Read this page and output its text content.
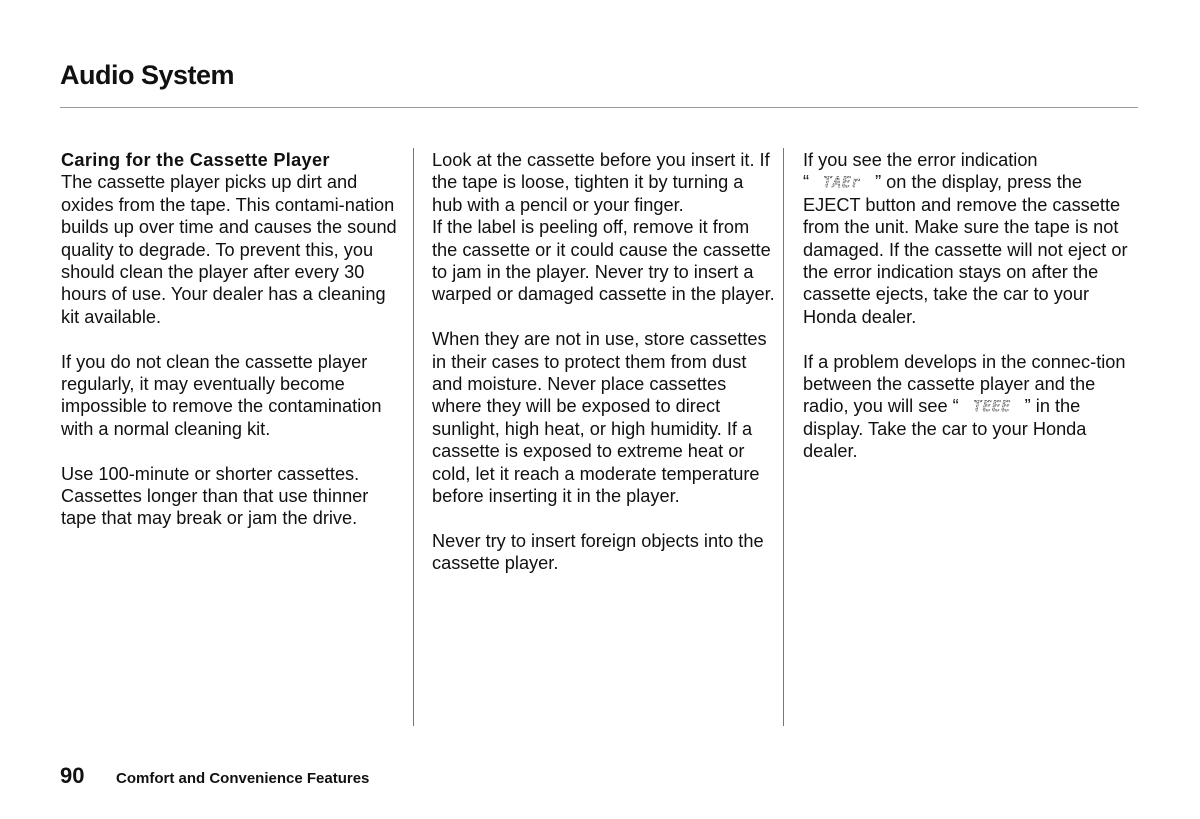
Audio System

Caring for the Cassette Player
The cassette player picks up dirt and oxides from the tape. This contami-nation builds up over time and causes the sound quality to degrade. To prevent this, you should clean the player after every 30 hours of use. Your dealer has a cleaning kit available.

If you do not clean the cassette player regularly, it may eventually become impossible to remove the contamination with a normal cleaning kit.

Use 100-minute or shorter cassettes. Cassettes longer than that use thinner tape that may break or jam the drive.

Look at the cassette before you insert it. If the tape is loose, tighten it by turning a hub with a pencil or your finger.
If the label is peeling off, remove it from the cassette or it could cause the cassette to jam in the player. Never try to insert a warped or damaged cassette in the player.

When they are not in use, store cassettes in their cases to protect them from dust and moisture. Never place cassettes where they will be exposed to direct sunlight, high heat, or high humidity. If a cassette is exposed to extreme heat or cold, let it reach a moderate temperature before inserting it in the player.

Never try to insert foreign objects into the cassette player.

If you see the error indication
“ TAEr ” on the display, press the EJECT button and remove the cassette from the unit. Make sure the tape is not damaged. If the cassette will not eject or the error indication stays on after the cassette ejects, take the car to your Honda dealer.

If a problem develops in the connec-tion between the cassette player and the radio, you will see “ TEEE ” in the display. Take the car to your Honda dealer.

90 Comfort and Convenience Features
